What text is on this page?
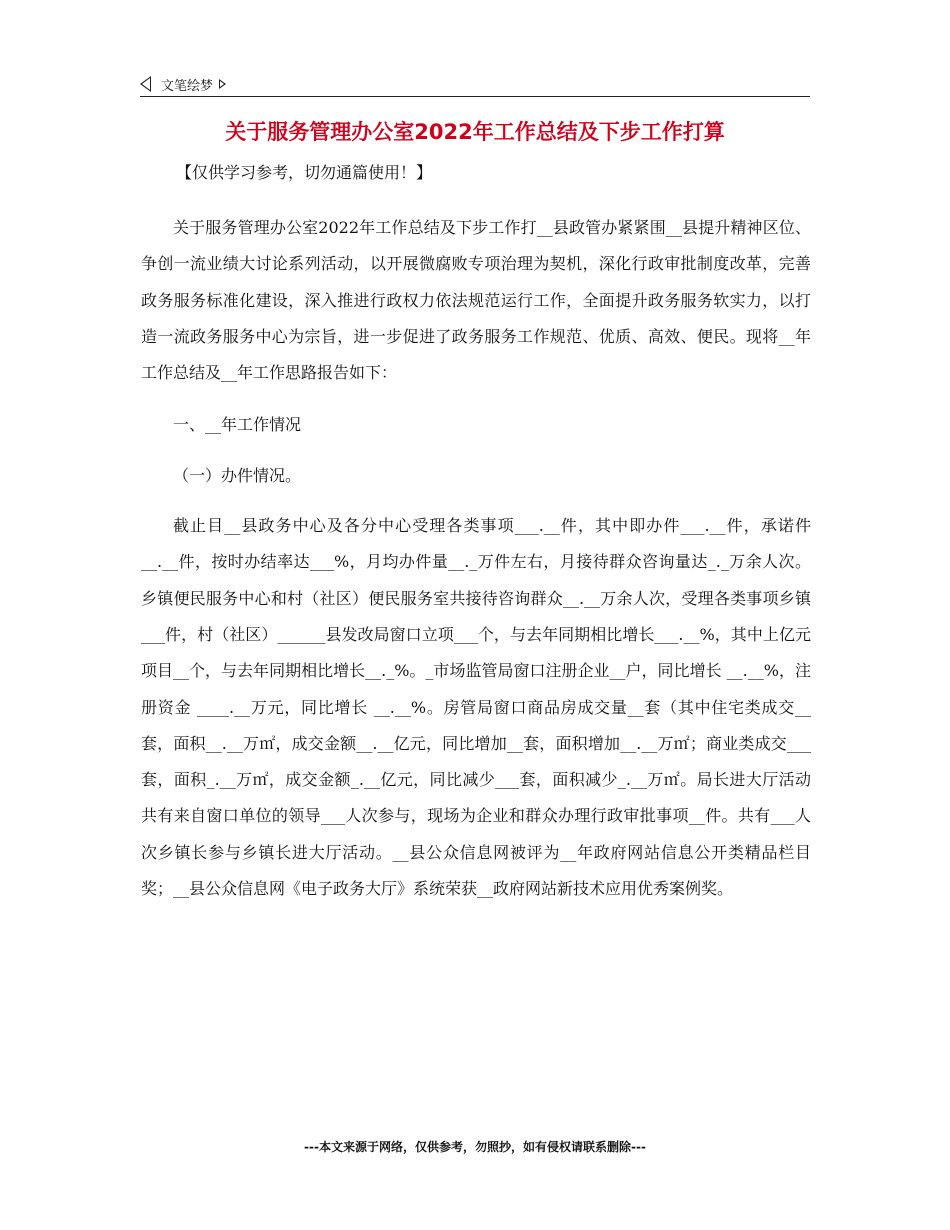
文笔绘梦
关于服务管理办公室2022年工作总结及下步工作打算
【仅供学习参考，切勿通篇使用！】

关于服务管理办公室2022年工作总结及下步工作打__县政管办紧紧围__县提升精神区位、争创一流业绩大讨论系列活动，以开展微腐败专项治理为契机，深化行政审批制度改革，完善政务服务标准化建设，深入推进行政权力依法规范运行工作，全面提升政务服务软实力，以打造一流政务服务中心为宗旨，进一步促进了政务服务工作规范、优质、高效、便民。现将__年工作总结及__年工作思路报告如下：

一、__年工作情况
（一）办件情况。

截止目__县政务中心及各分中心受理各类事项___.__件，其中即办件___.__件，承诺件__.__件，按时办结率达___%，月均办件量__._万件左右，月接待群众咨询量达_._万余人次。乡镇便民服务中心和村（社区）便民服务室共接待咨询群众__.__万余人次，受理各类事项乡镇___件，村（社区）______县发改局窗口立项___个，与去年同期相比增长___.__%，其中上亿元项目__个，与去年同期相比增长__._%。_市场监管局窗口注册企业__户，同比增长 __.__%，注册资金 ____.__万元，同比增长 __.__%。房管局窗口商品房成交量__套（其中住宅类成交__套，面积__.__万㎡，成交金额__.__亿元，同比增加__套，面积增加__.__万㎡；商业类成交___套，面积_.__万㎡，成交金额_.__亿元，同比减少___套，面积减少_.__万㎡。局长进大厅活动共有来自窗口单位的领导___人次参与，现场为企业和群众办理行政审批事项__件。共有___人次乡镇长参与乡镇长进大厅活动。__县公众信息网被评为__年政府网站信息公开类精品栏目奖；__县公众信息网《电子政务大厅》系统荣获__政府网站新技术应用优秀案例奖。

---本文来源于网络，仅供参考，勿照抄，如有侵权请联系删除---
